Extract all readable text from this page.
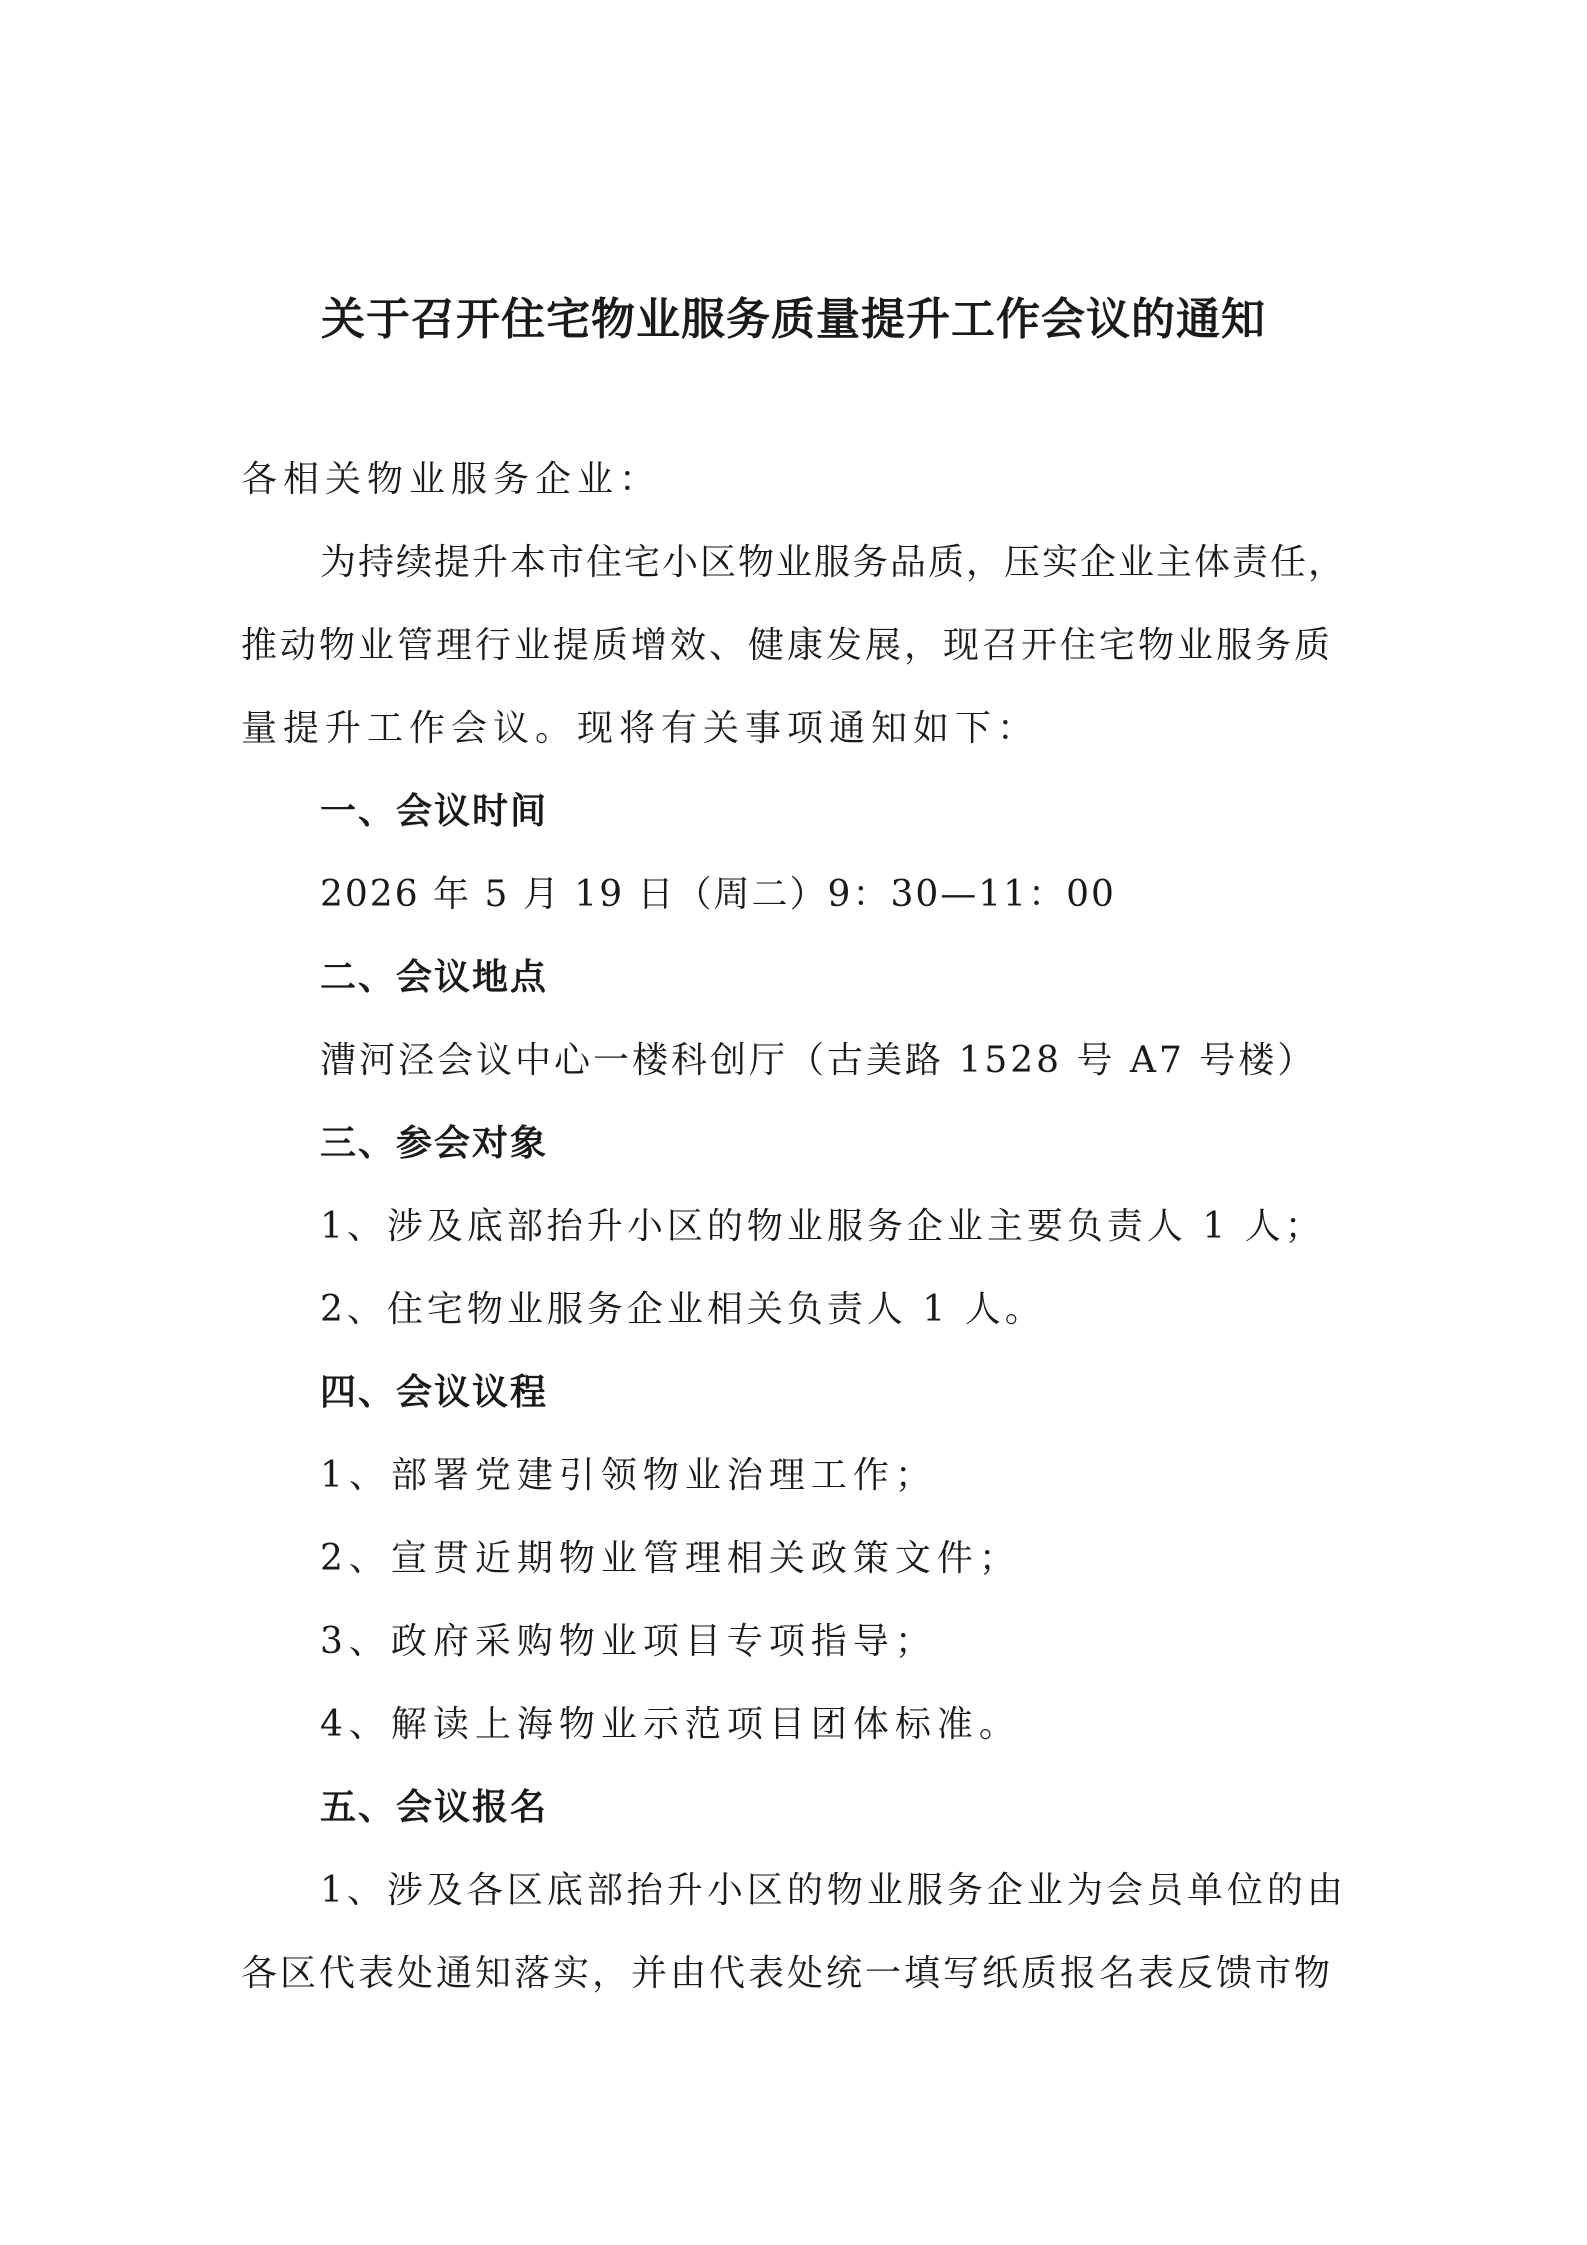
关于召开住宅物业服务质量提升工作会议的通知
各相关物业服务企业：
为持续提升本市住宅小区物业服务品质，压实企业主体责任，
推动物业管理行业提质增效、健康发展，现召开住宅物业服务质
量提升工作会议。现将有关事项通知如下：
一、会议时间
2026 年 5 月 19 日（周二）9：30—11：00
二、会议地点
漕河泾会议中心一楼科创厅（古美路 1528 号 A7 号楼）
三、参会对象
1、涉及底部抬升小区的物业服务企业主要负责人 1 人；
2、住宅物业服务企业相关负责人 1 人。
四、会议议程
1、部署党建引领物业治理工作；
2、宣贯近期物业管理相关政策文件；
3、政府采购物业项目专项指导；
4、解读上海物业示范项目团体标准。
五、会议报名
1、涉及各区底部抬升小区的物业服务企业为会员单位的由
各区代表处通知落实，并由代表处统一填写纸质报名表反馈市物
